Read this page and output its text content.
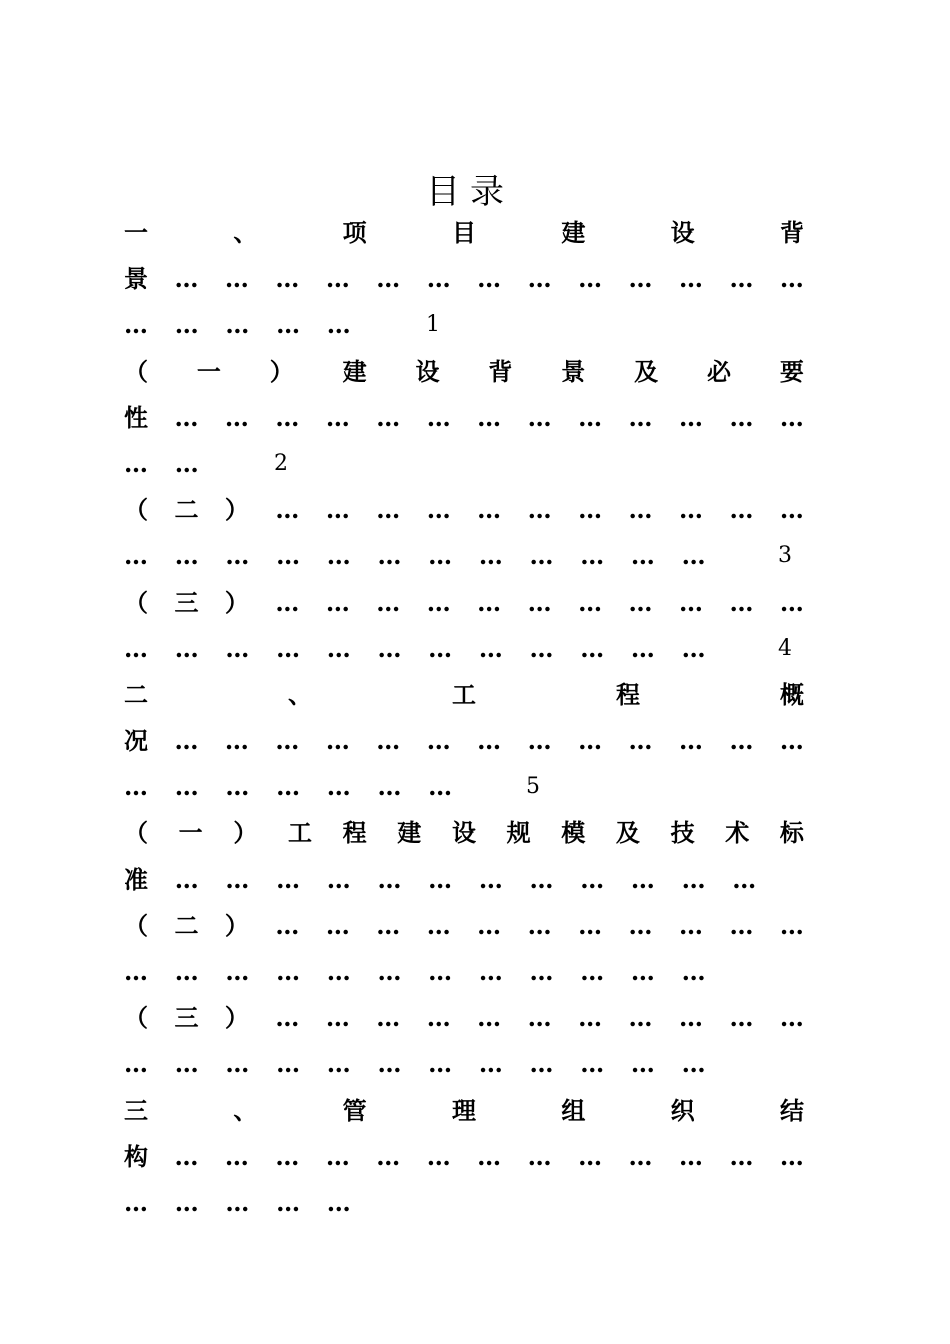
目录
一	、	项	目	建	设	背
景 … … … … … … … … … … … … …
… … … … …	1
（ 一 ） 建 设 背 景 及 必 要
性 … … … … … … … … … … … … …
… …	2
（ 二 ） … … … … … … … … … … …
… … … … … … … … … … … …	3
（ 三 ） … … … … … … … … … … …
… … … … … … … … … … … …	4
二	、	工	程	概
况 … … … … … … … … … … … … …
… … … … … … …	5
（ 一 ） 工 程 建 设 规 模 及 技 术 标
准 … … … … … … … … … … … …
（ 二 ） … … … … … … … … … … …
… … … … … … … … … … … …
（ 三 ） … … … … … … … … … … …
… … … … … … … … … … … …
三	、	管	理	组	织	结
构 … … … … … … … … … … … … …
… … … … …
